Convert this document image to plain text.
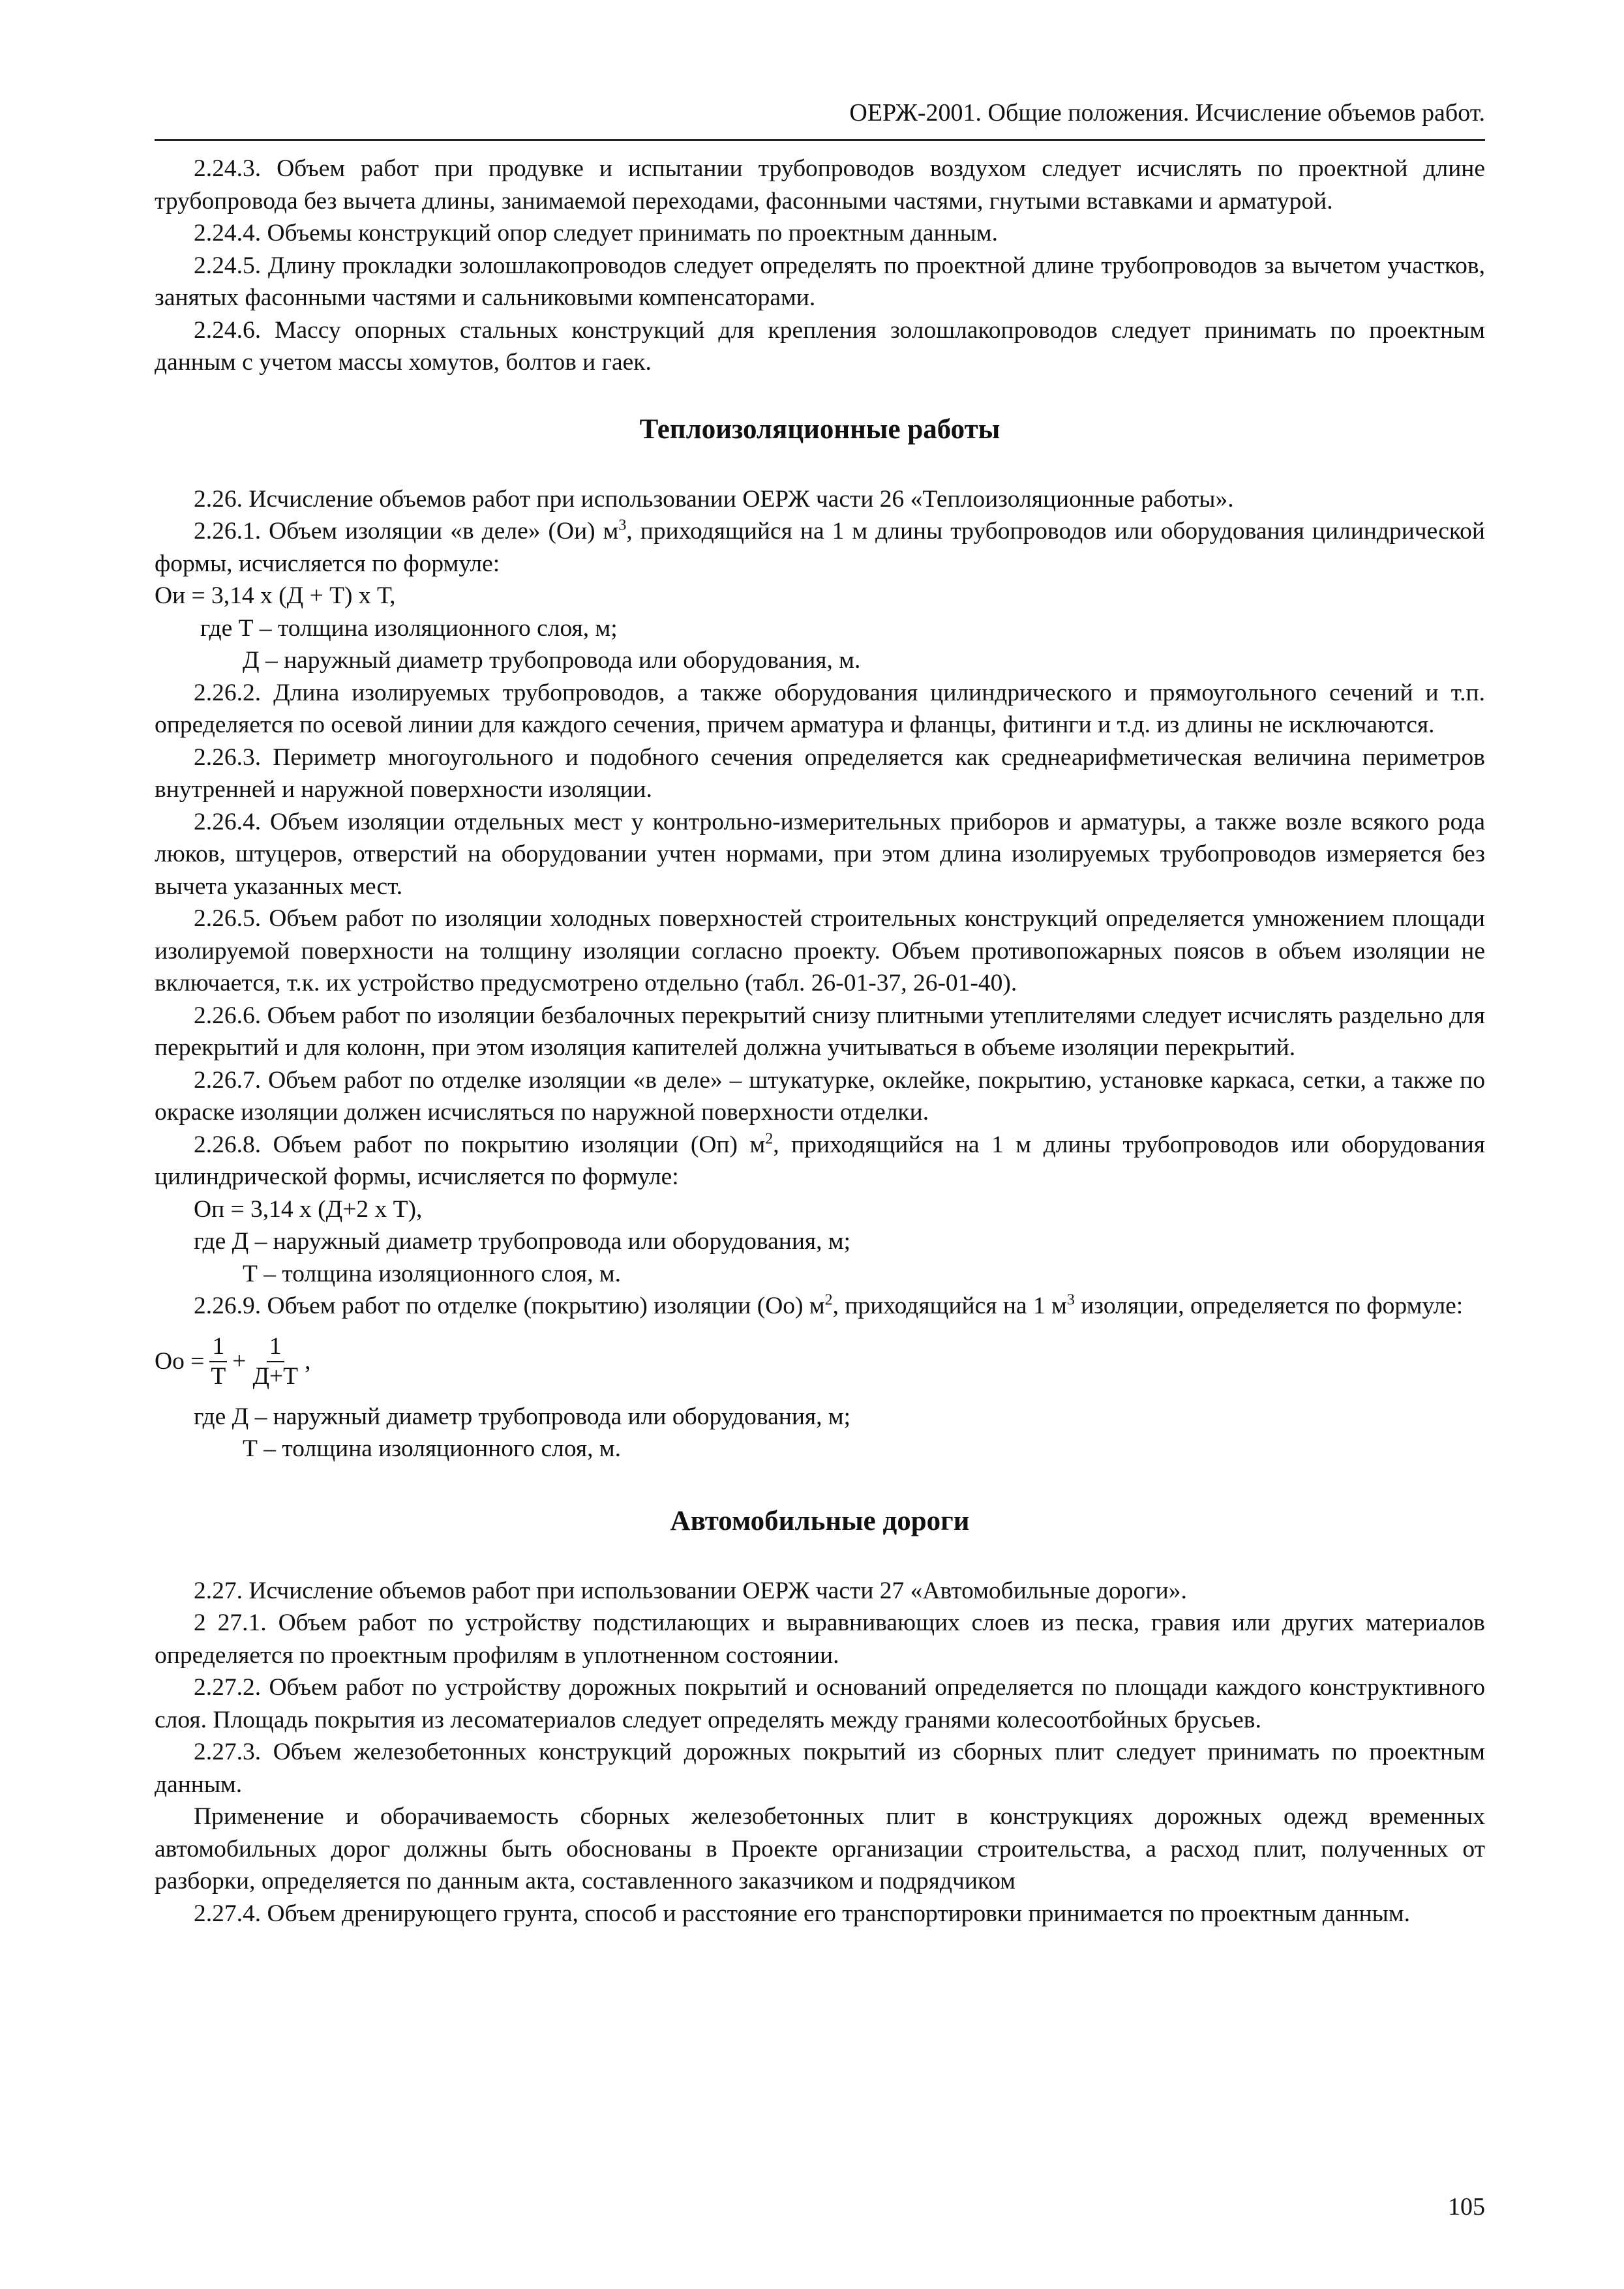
ОЕРЖ-2001. Общие положения. Исчисление объемов работ.

2.24.3. Объем работ при продувке и испытании трубопроводов воздухом следует исчислять по проектной длине трубопровода без вычета длины, занимаемой переходами, фасонными частями, гнутыми вставками и арматурой.

2.24.4. Объемы конструкций опор следует принимать по проектным данным.

2.24.5. Длину прокладки золошлакопроводов следует определять по проектной длине трубопроводов за вычетом участков, занятых фасонными частями и сальниковыми компенсаторами.

2.24.6. Массу опорных стальных конструкций для крепления золошлакопроводов следует принимать по проектным данным с учетом массы хомутов, болтов и гаек.

Теплоизоляционные работы

2.26. Исчисление объемов работ при использовании ОЕРЖ части 26 «Теплоизоляционные работы».

2.26.1. Объем изоляции «в деле» (Ои) $м^3$, приходящийся на 1 м длины трубопроводов или оборудования цилиндрической формы, исчисляется по формуле:

Ои = 3,14 х (Д + Т) х Т,

где Т – толщина изоляционного слоя, м;

Д – наружный диаметр трубопровода или оборудования, м.

2.26.2. Длина изолируемых трубопроводов, а также оборудования цилиндрического и прямоугольного сечений и т.п. определяется по осевой линии для каждого сечения, причем арматура и фланцы, фитинги и т.д. из длины не исключаются.

2.26.3. Периметр многоугольного и подобного сечения определяется как среднеарифметическая величина периметров внутренней и наружной поверхности изоляции.

2.26.4. Объем изоляции отдельных мест у контрольно-измерительных приборов и арматуры, а также возле всякого рода люков, штуцеров, отверстий на оборудовании учтен нормами, при этом длина изолируемых трубопроводов измеряется без вычета указанных мест.

2.26.5. Объем работ по изоляции холодных поверхностей строительных конструкций определяется умножением площади изолируемой поверхности на толщину изоляции согласно проекту. Объем противопожарных поясов в объем изоляции не включается, т.к. их устройство предусмотрено отдельно (табл. 26-01-37, 26-01-40).

2.26.6. Объем работ по изоляции безбалочных перекрытий снизу плитными утеплителями следует исчислять раздельно для перекрытий и для колонн, при этом изоляция капителей должна учитываться в объеме изоляции перекрытий.

2.26.7. Объем работ по отделке изоляции «в деле» – штукатурке, оклейке, покрытию, установке каркаса, сетки, а также по окраске изоляции должен исчисляться по наружной поверхности отделки.

2.26.8. Объем работ по покрытию изоляции (Оп) $м^2$, приходящийся на 1 м длины трубопроводов или оборудования цилиндрической формы, исчисляется по формуле:

Оп = 3,14 х (Д+2 х Т),

где Д – наружный диаметр трубопровода или оборудования, м;

Т – толщина изоляционного слоя, м.

2.26.9. Объем работ по отделке (покрытию) изоляции (Оо) $м^2$, приходящийся на 1 $м^3$ изоляции, определяется по формуле:

Оо = $\frac{1}{Т} + \frac{1}{Д+Т}$ ,

где Д – наружный диаметр трубопровода или оборудования, м;

Т – толщина изоляционного слоя, м.

Автомобильные дороги

2.27. Исчисление объемов работ при использовании ОЕРЖ части 27 «Автомобильные дороги».

2 27.1. Объем работ по устройству подстилающих и выравнивающих слоев из песка, гравия или других материалов определяется по проектным профилям в уплотненном состоянии.

2.27.2. Объем работ по устройству дорожных покрытий и оснований определяется по площади каждого конструктивного слоя. Площадь покрытия из лесоматериалов следует определять между гранями колесоотбойных брусьев.

2.27.3. Объем железобетонных конструкций дорожных покрытий из сборных плит следует принимать по проектным данным.

Применение и оборачиваемость сборных железобетонных плит в конструкциях дорожных одежд временных автомобильных дорог должны быть обоснованы в Проекте организации строительства, а расход плит, полученных от разборки, определяется по данным акта, составленного заказчиком и подрядчиком

2.27.4. Объем дренирующего грунта, способ и расстояние его транспортировки принимается по проектным данным.

105
